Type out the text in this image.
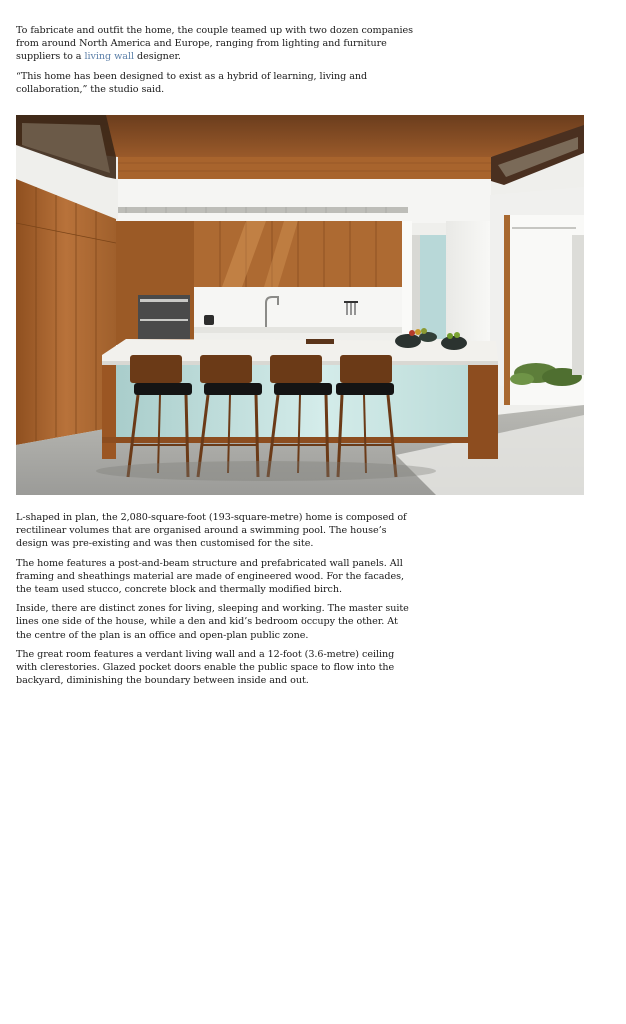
To fabricate and outfit the home, the couple teamed up with two dozen companies from around North America and Europe, ranging from lighting and furniture suppliers to a living wall designer.

“This home has been designed to exist as a hybrid of learning, living and collaboration,” the studio said.

L-shaped in plan, the 2,080-square-foot (193-square-metre) home is composed of rectilinear volumes that are organised around a swimming pool. The house’s design was pre-existing and was then customised for the site.

The home features a post-and-beam structure and prefabricated wall panels. All framing and sheathings material are made of engineered wood. For the facades, the team used stucco, concrete block and thermally modified birch.

Inside, there are distinct zones for living, sleeping and working. The master suite lines one side of the house, while a den and kid’s bedroom occupy the other. At the centre of the plan is an office and open-plan public zone.

The great room features a verdant living wall and a 12-foot (3.6-metre) ceiling with clerestories. Glazed pocket doors enable the public space to flow into the backyard, diminishing the boundary between inside and out.
